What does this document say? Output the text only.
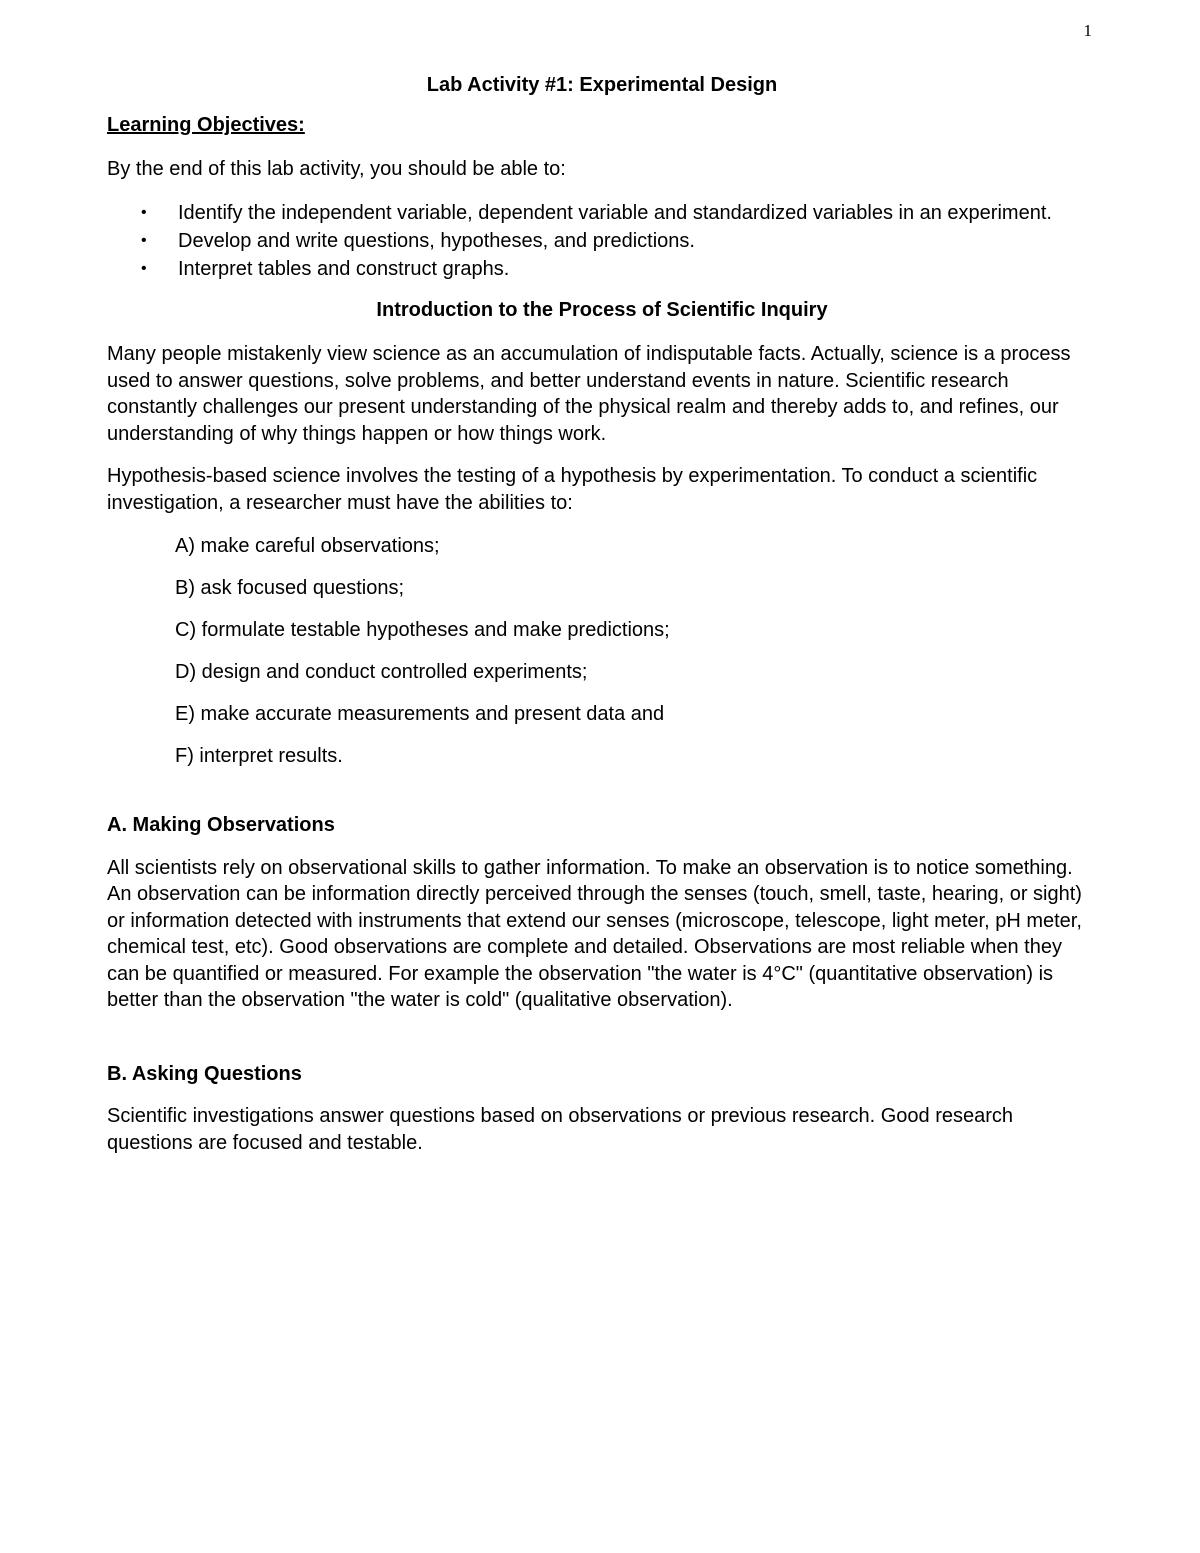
1

Lab Activity #1: Experimental Design

Learning Objectives:

By the end of this lab activity, you should be able to:

• Identify the independent variable, dependent variable and standardized variables in an experiment.
• Develop and write questions, hypotheses, and predictions.
• Interpret tables and construct graphs.

Introduction to the Process of Scientific Inquiry

Many people mistakenly view science as an accumulation of indisputable facts. Actually, science is a process used to answer questions, solve problems, and better understand events in nature. Scientific research constantly challenges our present understanding of the physical realm and thereby adds to, and refines, our understanding of why things happen or how things work.

Hypothesis-based science involves the testing of a hypothesis by experimentation. To conduct a scientific investigation, a researcher must have the abilities to:

A) make careful observations;
B) ask focused questions;
C) formulate testable hypotheses and make predictions;
D) design and conduct controlled experiments;
E) make accurate measurements and present data and
F) interpret results.

A. Making Observations

All scientists rely on observational skills to gather information. To make an observation is to notice something. An observation can be information directly perceived through the senses (touch, smell, taste, hearing, or sight) or information detected with instruments that extend our senses (microscope, telescope, light meter, pH meter, chemical test, etc). Good observations are complete and detailed. Observations are most reliable when they can be quantified or measured. For example the observation "the water is 4°C" (quantitative observation) is better than the observation "the water is cold" (qualitative observation).

B. Asking Questions

Scientific investigations answer questions based on observations or previous research. Good research questions are focused and testable.
